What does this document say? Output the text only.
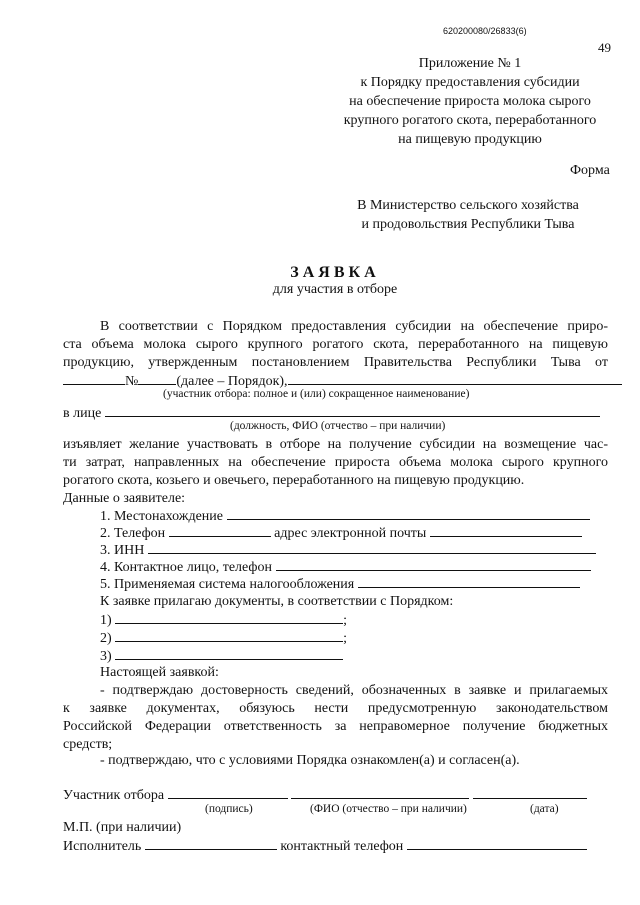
620200080/26833(6)
49
Приложение № 1
к Порядку предоставления субсидии
на обеспечение прироста молока сырого
крупного рогатого скота, переработанного
на пищевую продукцию
Форма
В Министерство сельского хозяйства
и продовольствия Республики Тыва
ЗАЯВКА
для участия в отборе
В соответствии с Порядком предоставления субсидии на обеспечение приро-
ста объема молока сырого крупного рогатого скота, переработанного на пищевую
продукцию, утвержденным постановлением Правительства Республики Тыва от
№	(далее – Порядок),
(участник отбора: полное и (или) сокращенное наименование)
в лице
(должность, ФИО (отчество – при наличии)
изъявляет желание участвовать в отборе на получение субсидии на возмещение час-
ти затрат, направленных на обеспечение прироста объема молока сырого крупного
рогатого скота, козьего и овечьего, переработанного на пищевую продукцию.
Данные о заявителе:
1. Местонахождение
2. Телефон	адрес электронной почты
3. ИНН
4. Контактное лицо, телефон
5. Применяемая система налогообложения
К заявке прилагаю документы, в соответствии с Порядком:
1)	;
2)	;
3)
Настоящей заявкой:
- подтверждаю достоверность сведений, обозначенных в заявке и прилагаемых
к заявке документах, обязуюсь нести предусмотренную законодательством
Российской Федерации ответственность за неправомерное получение бюджетных
средств;
- подтверждаю, что с условиями Порядка ознакомлен(а) и согласен(а).
Участник отбора
(подпись)	(ФИО (отчество – при наличии)	(дата)
М.П. (при наличии)
Исполнитель	контактный телефон
